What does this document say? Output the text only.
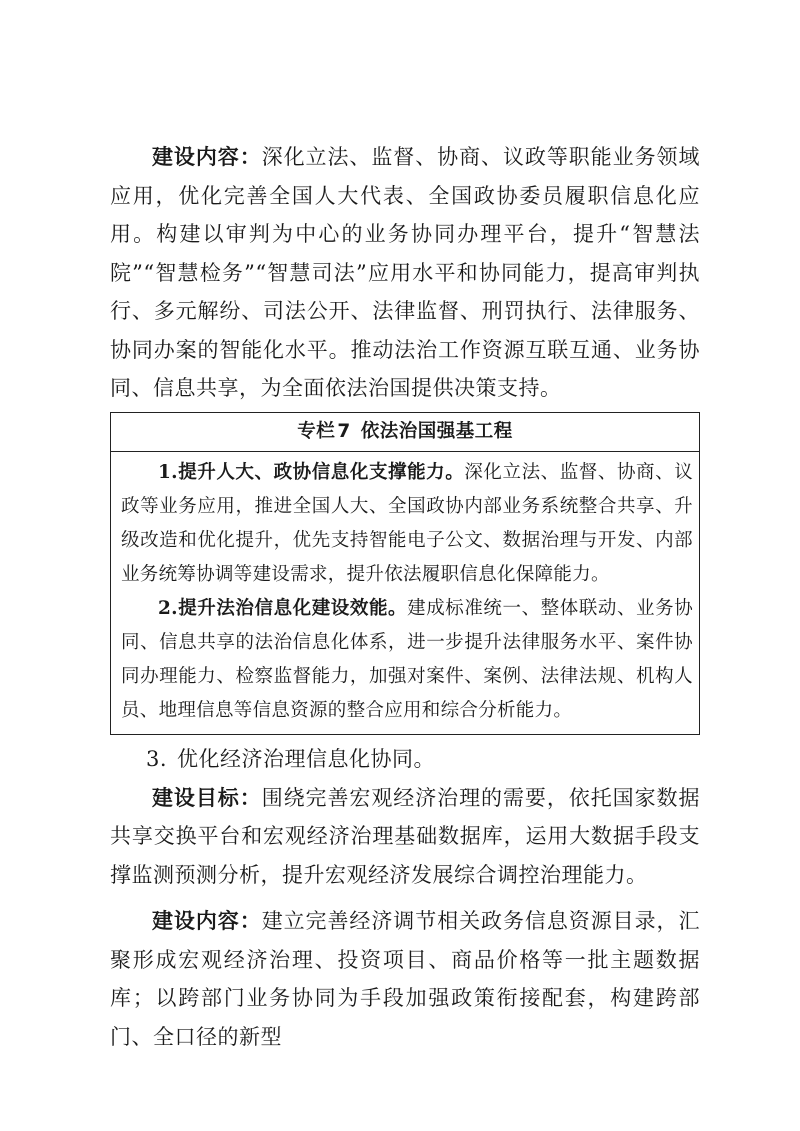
建设内容：深化立法、监督、协商、议政等职能业务领域应用，优化完善全国人大代表、全国政协委员履职信息化应用。构建以审判为中心的业务协同办理平台，提升“智慧法院”“智慧检务”“智慧司法”应用水平和协同能力，提高审判执行、多元解纷、司法公开、法律监督、刑罚执行、法律服务、协同办案的智能化水平。推动法治工作资源互联互通、业务协同、信息共享，为全面依法治国提供决策支持。

专栏 7 依法治国强基工程

1.提升人大、政协信息化支撑能力。深化立法、监督、协商、议政等业务应用，推进全国人大、全国政协内部业务系统整合共享、升级改造和优化提升，优先支持智能电子公文、数据治理与开发、内部业务统筹协调等建设需求，提升依法履职信息化保障能力。

2.提升法治信息化建设效能。建成标准统一、整体联动、业务协同、信息共享的法治信息化体系，进一步提升法律服务水平、案件协同办理能力、检察监督能力，加强对案件、案例、法律法规、机构人员、地理信息等信息资源的整合应用和综合分析能力。

3. 优化经济治理信息化协同。

建设目标：围绕完善宏观经济治理的需要，依托国家数据共享交换平台和宏观经济治理基础数据库，运用大数据手段支撑监测预测分析，提升宏观经济发展综合调控治理能力。

建设内容：建立完善经济调节相关政务信息资源目录，汇聚形成宏观经济治理、投资项目、商品价格等一批主题数据库；以跨部门业务协同为手段加强政策衔接配套，构建跨部门、全口径的新型
